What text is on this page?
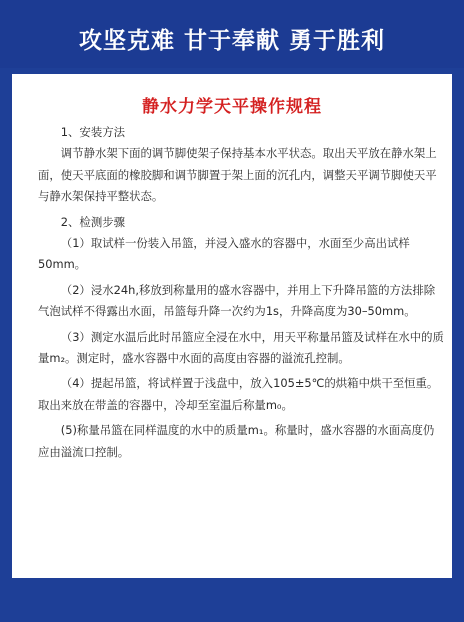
攻坚克难 甘于奉献 勇于胜利
静水力学天平操作规程

1、安装方法

调节静水架下面的调节脚使架子保持基本水平状态。取出天平放在静水架上面，使天平底面的橡胶脚和调节脚置于架上面的沉孔内，调整天平调节脚使天平与静水架保持平整状态。

2、检测步骤

（1）取试样一份装入吊篮，并浸入盛水的容器中，水面至少高出试样50mm。

（2）浸水24h,移放到称量用的盛水容器中，并用上下升降吊篮的方法排除气泡试样不得露出水面，吊篮每升降一次约为1s，升降高度为30–50mm。

（3）测定水温后此时吊篮应全浸在水中，用天平称量吊篮及试样在水中的质量m₂。测定时，盛水容器中水面的高度由容器的溢流孔控制。

（4）提起吊篮，将试样置于浅盘中，放入105±5℃的烘箱中烘干至恒重。取出来放在带盖的容器中，冷却至室温后称量m₀。

(5)称量吊篮在同样温度的水中的质量m₁。称量时，盛水容器的水面高度仍应由溢流口控制。
